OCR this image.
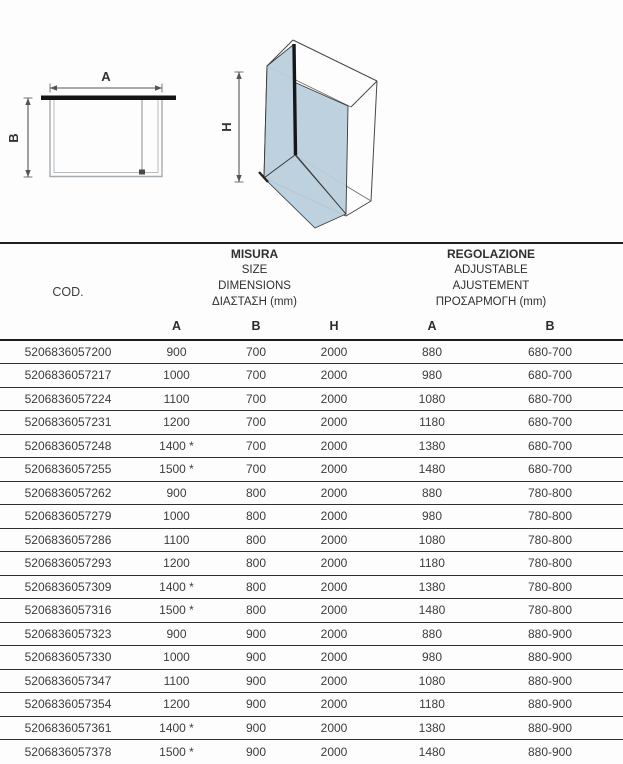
A
B
H
COD.	
MISURA
SIZE
DIMENSIONS
ΔΙΑΣΤΑΣΗ (mm)

REGOLAZIONE
ADJUSTABLE
AJUSTEMENT
ΠΡΟΣΑΡΜΟΓΗ (mm)

	A	B	H	A	B
5206836057200	900	700	2000	880	680-700
5206836057217	1000	700	2000	980	680-700
5206836057224	1100	700	2000	1080	680-700
5206836057231	1200	700	2000	1180	680-700
5206836057248	1400 *	700	2000	1380	680-700
5206836057255	1500 *	700	2000	1480	680-700
5206836057262	900	800	2000	880	780-800
5206836057279	1000	800	2000	980	780-800
5206836057286	1100	800	2000	1080	780-800
5206836057293	1200	800	2000	1180	780-800
5206836057309	1400 *	800	2000	1380	780-800
5206836057316	1500 *	800	2000	1480	780-800
5206836057323	900	900	2000	880	880-900
5206836057330	1000	900	2000	980	880-900
5206836057347	1100	900	2000	1080	880-900
5206836057354	1200	900	2000	1180	880-900
5206836057361	1400 *	900	2000	1380	880-900
5206836057378	1500 *	900	2000	1480	880-900
